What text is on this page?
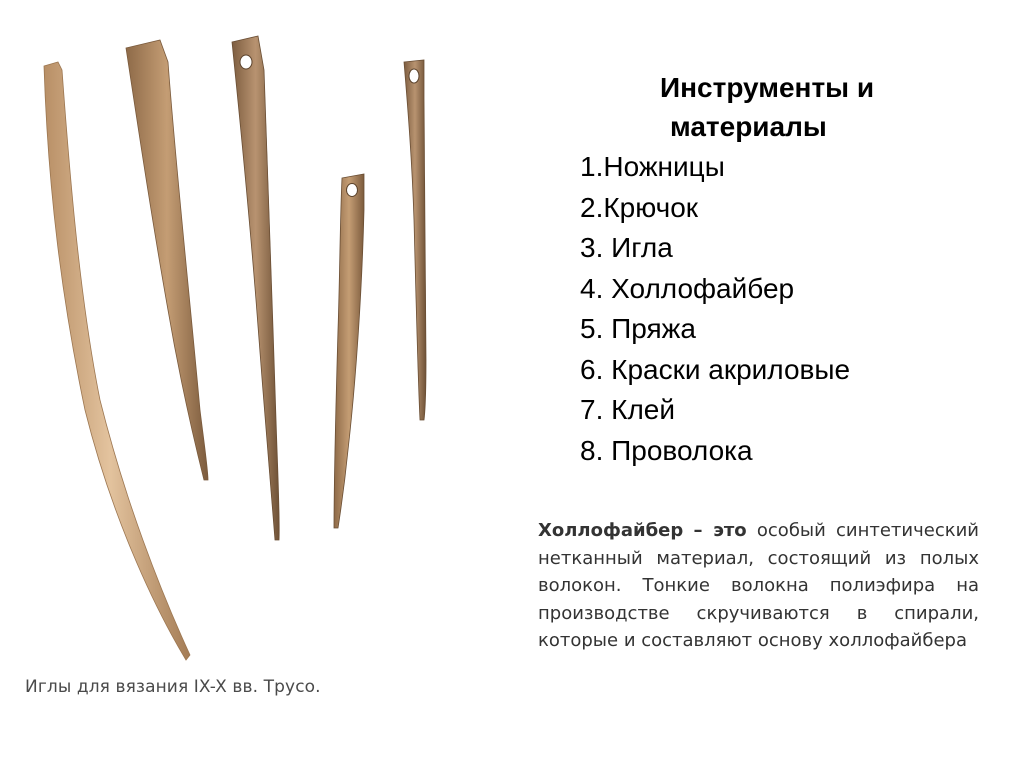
Иглы для вязания IX-X вв. Трусо.
Инструменты и
материалы
1.Ножницы
2.Крючок
3. Игла
4. Холлофайбер
5. Пряжа
6. Краски акриловые
7. Клей
8. Проволока
Холлофайбер – это особый синтетический нетканный материал, состоящий из полых волокон. Тонкие волокна полиэфира на производстве скручиваются в спирали, которые и составляют основу холлофайбера
